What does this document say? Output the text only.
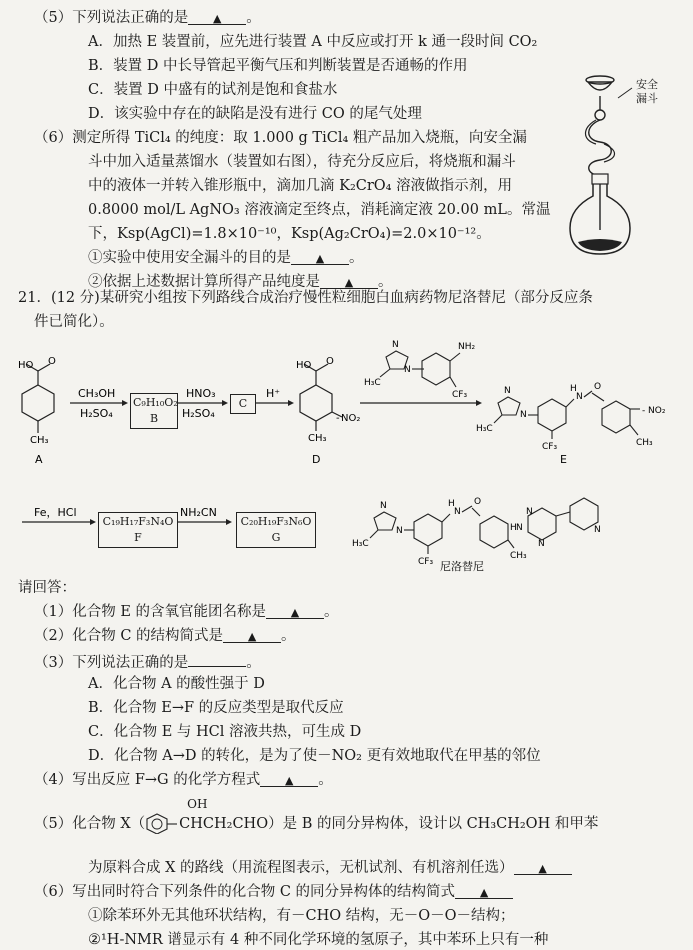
（5）下列说法正确的是 ▲ 。
A．加热 E 装置前，应先进行装置 A 中反应或打开 k 通一段时间 CO₂
B．装置 D 中长导管起平衡气压和判断装置是否通畅的作用
C．装置 D 中盛有的试剂是饱和食盐水
D．该实验中存在的缺陷是没有进行 CO 的尾气处理
（6）测定所得 TiCl₄ 的纯度：取 1.000 g TiCl₄ 粗产品加入烧瓶，向安全漏
斗中加入适量蒸馏水（装置如右图），待充分反应后，将烧瓶和漏斗
中的液体一并转入锥形瓶中，滴加几滴 K₂CrO₄ 溶液做指示剂，用
0.8000 mol/L AgNO₃ 溶液滴定至终点，消耗滴定液 20.00 mL。常温
下，Ksp(AgCl)=1.8×10⁻¹⁰，Ksp(Ag₂CrO₄)=2.0×10⁻¹²。
①实验中使用安全漏斗的目的是 ▲ 。
②依据上述数据计算所得产品纯度是 ▲ 。
安全
漏斗
21．(12 分)某研究小组按下列路线合成治疗慢性粒细胞白血病药物尼洛替尼（部分反应条
件已简化）。
HO O
CH₃
A
CH₃OH
H₂SO₄
HNO₃
H₂SO₄
H⁺
HO O
- NO₂
CH₃
D
N
N
H₃C
NH₂
CF₃	N
N
H₃C
H
N
O
CF₃
- NO₂
CH₃
E
C₉H₁₀O₂
B
C
Fe，HCl	NH₂CN	N
N
H₃C
H
N
O
CF₃
CH₃
H N
N
N
N
尼洛替尼
C₁₉H₁₇F₃N₄O
F
C₂₀H₁₉F₃N₆O
G
请回答：
（1）化合物 E 的含氧官能团名称是 ▲ 。
（2）化合物 C 的结构简式是 ▲ 。
（3）下列说法正确的是	。
A．化合物 A 的酸性强于 D
B．化合物 E→F 的反应类型是取代反应
C．化合物 E 与 HCl 溶液共热，可生成 D
D．化合物 A→D 的转化，是为了使－NO₂ 更有效地取代在甲基的邻位
（4）写出反应 F→G 的化学方程式 ▲ 。
（5）化合物 X（
OH
CHCH₂CHO）是 B 的同分异构体，设计以 CH₃CH₂OH 和甲苯
为原料合成 X 的路线（用流程图表示，无机试剂、有机溶剂任选） ▲
（6）写出同时符合下列条件的化合物 C 的同分异构体的结构简式 ▲
①除苯环外无其他环状结构，有－CHO 结构，无－O－O－结构；
②¹H-NMR 谱显示有 4 种不同化学环境的氢原子，其中苯环上只有一种
